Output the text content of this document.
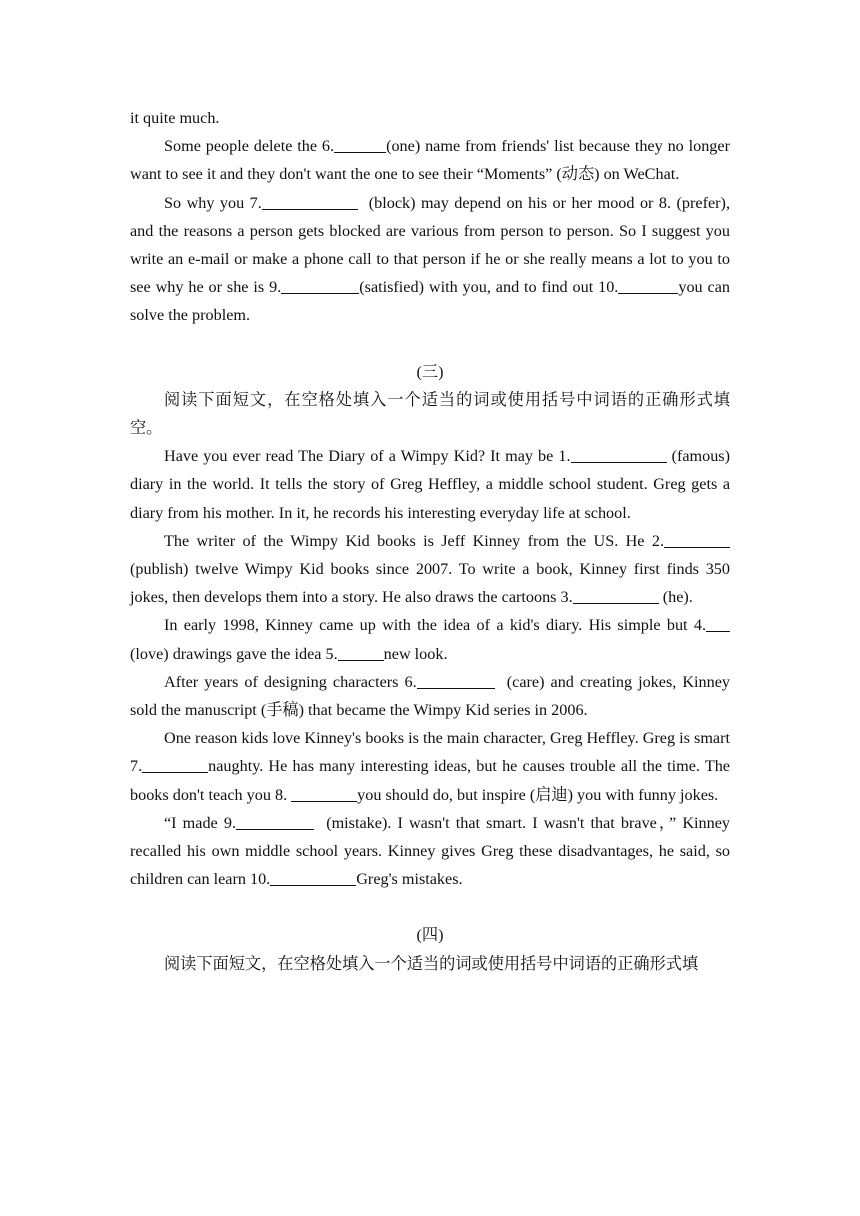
it quite much.

Some people delete the 6.	(one) name from friends' list because they no longer want to see it and they don't want the one to see their “Moments” (动态) on WeChat.

So why you 7.	(block) may depend on his or her mood or 8. (prefer), and the reasons a person gets blocked are various from person to person. So I suggest you write an e-mail or make a phone call to that person if he or she really means a lot to you to see why he or she is 9.	(satisfied) with you, and to find out 10.	you can solve the problem.

(三)

阅读下面短文，在空格处填入一个适当的词或使用括号中词语的正确形式填空。

Have you ever read The Diary of a Wimpy Kid? It may be 1.	(famous) diary in the world. It tells the story of Greg Heffley, a middle school student. Greg gets a diary from his mother. In it, he records his interesting everyday life at school.

The writer of the Wimpy Kid books is Jeff Kinney from the US. He 2. (publish) twelve Wimpy Kid books since 2007. To write a book, Kinney first finds 350 jokes, then develops them into a story. He also draws the cartoons 3.	(he).

In early 1998, Kinney came up with the idea of a kid's diary. His simple but 4. (love) drawings gave the idea 5.	new look.

After years of designing characters 6.	(care) and creating jokes, Kinney sold the manuscript (手稿) that became the Wimpy Kid series in 2006.

One reason kids love Kinney's books is the main character, Greg Heffley. Greg is smart 7.	naughty. He has many interesting ideas, but he causes trouble all the time. The books don't teach you 8.	you should do, but inspire (启迪) you with funny jokes.

“I made 9.	(mistake). I wasn't that smart. I wasn't that brave，” Kinney recalled his own middle school years. Kinney gives Greg these disadvantages, he said, so children can learn 10.	Greg's mistakes.

(四)

阅读下面短文，在空格处填入一个适当的词或使用括号中词语的正确形式填
